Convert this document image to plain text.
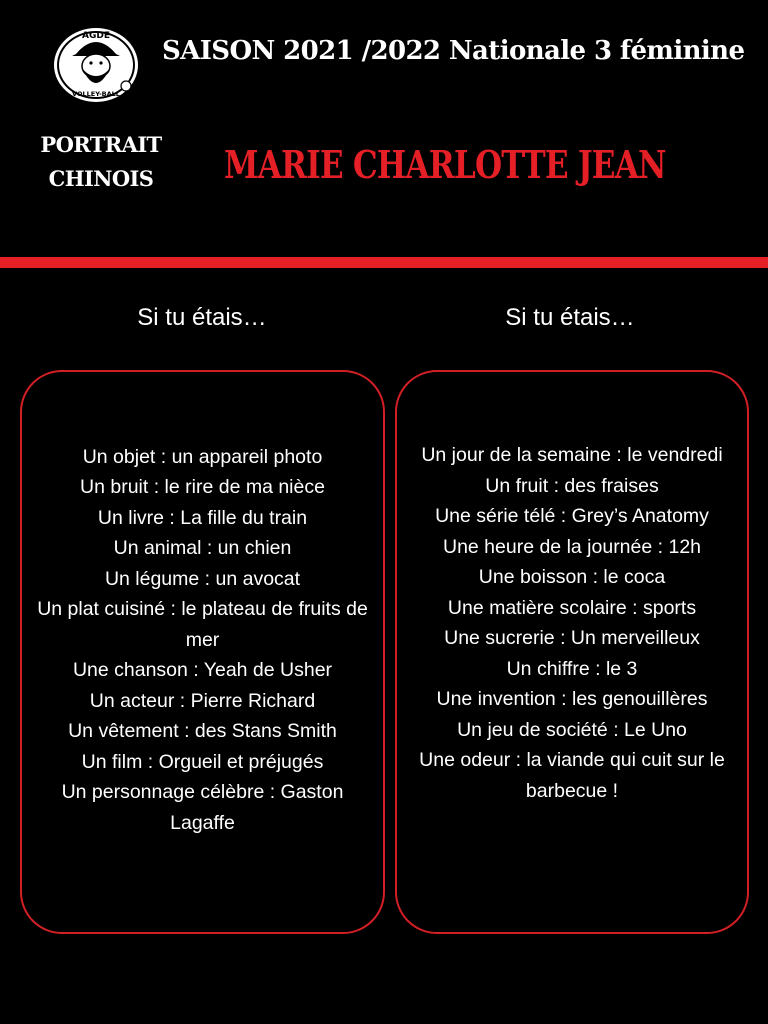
AGDE
VOLLEY-BALL
SAISON 2021 /2022 Nationale 3 féminine
PORTRAIT
CHINOIS	MARIE CHARLOTTE JEAN
Si tu étais…	Si tu étais…
Un objet : un appareil photo
Un bruit : le rire de ma nièce
Un livre : La fille du train
Un animal : un chien
Un légume : un avocat
Un plat cuisiné : le plateau de fruits de mer
Une chanson : Yeah de Usher
Un acteur : Pierre Richard
Un vêtement : des Stans Smith
Un film : Orgueil et préjugés
Un personnage célèbre : Gaston Lagaffe
Un jour de la semaine : le vendredi
Un fruit : des fraises
Une série télé : Grey’s Anatomy
Une heure de la journée : 12h
Une boisson : le coca
Une matière scolaire : sports
Une sucrerie : Un merveilleux
Un chiffre : le 3
Une invention : les genouillères
Un jeu de société : Le Uno
Une odeur : la viande qui cuit sur le barbecue !
